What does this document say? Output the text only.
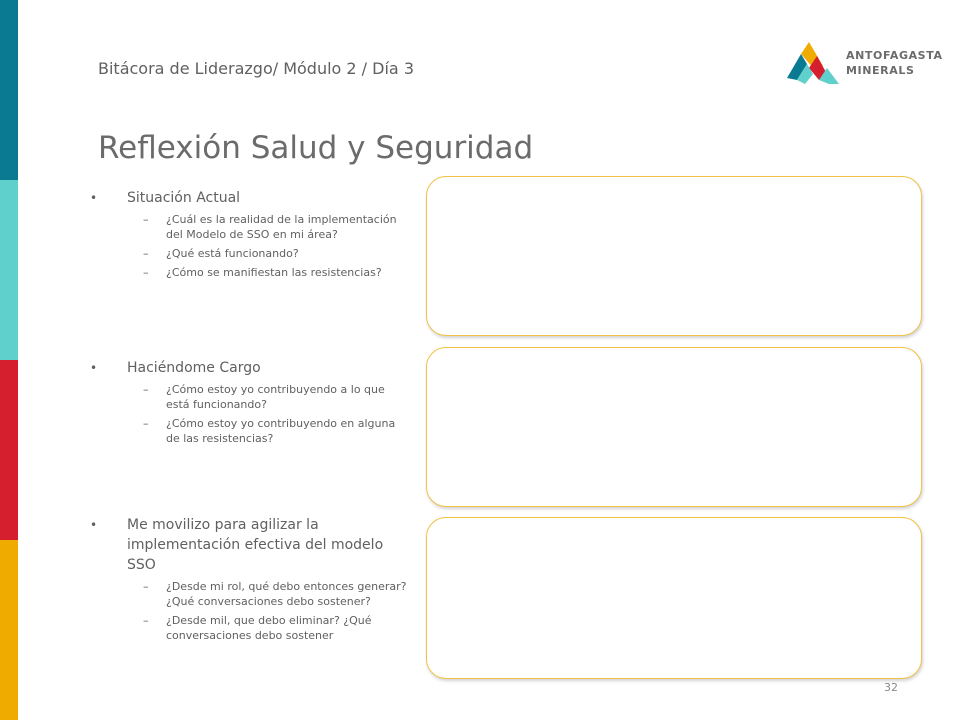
Bitácora de Liderazgo/ Módulo 2 / Día 3
Reflexión Salud y Seguridad
ANTOFAGASTA
MINERALS
•	Situación Actual
–	¿Cuál es la realidad de la implementación del Modelo de SSO en mi área?
–	¿Qué está funcionando?
–	¿Cómo se manifiestan las resistencias?
•	Haciéndome Cargo
–	¿Cómo estoy yo contribuyendo a lo que está funcionando?
–	¿Cómo estoy yo contribuyendo en alguna de las resistencias?
•	Me movilizo para agilizar la implementación efectiva del modelo SSO
–	¿Desde mi rol, qué debo entonces generar? ¿Qué conversaciones debo sostener?
–	¿Desde mil, que debo eliminar? ¿Qué conversaciones debo sostener
32
